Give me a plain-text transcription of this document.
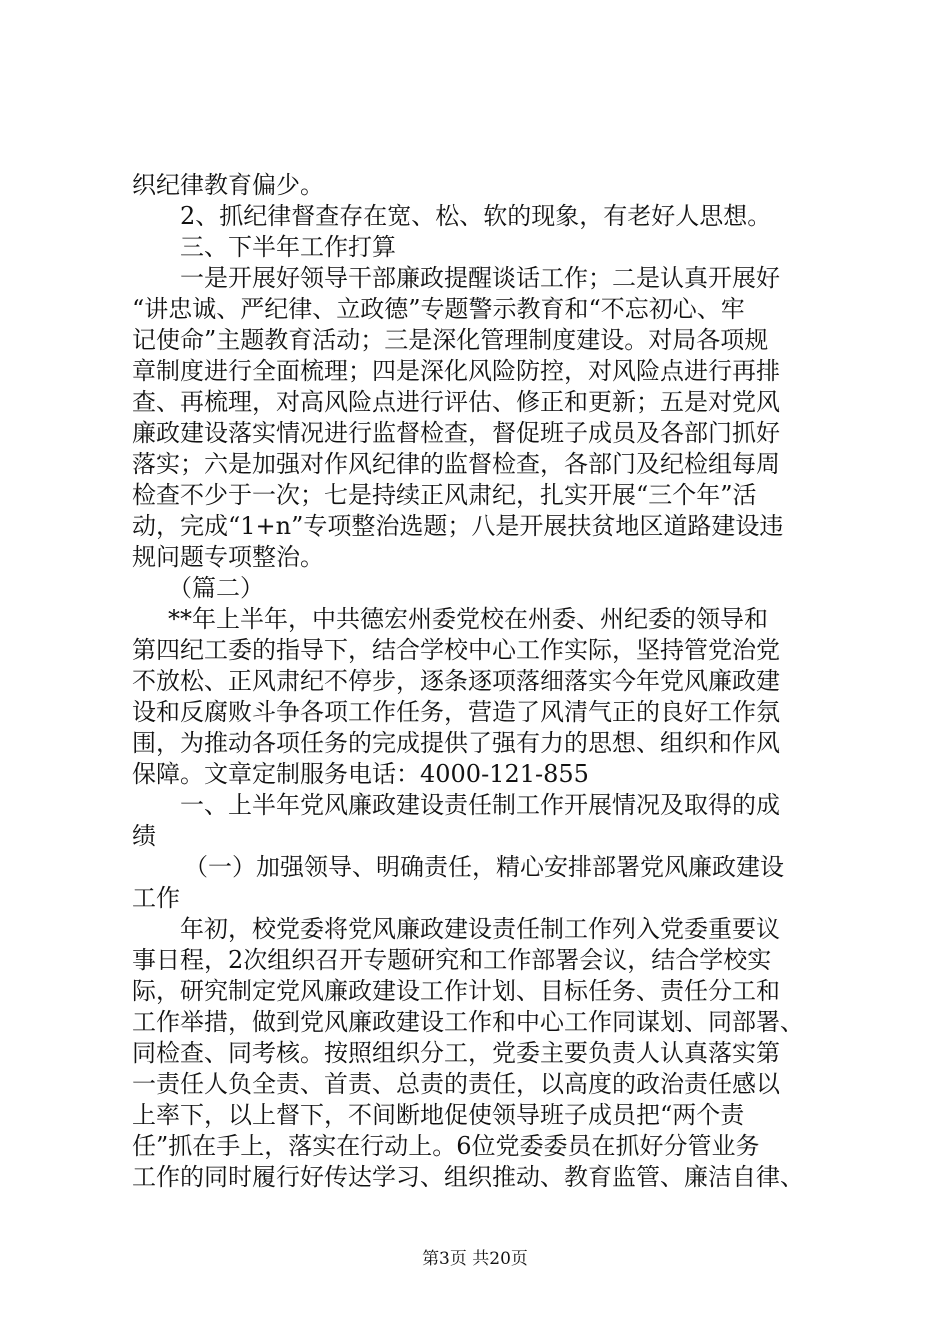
织纪律教育偏少。
2、抓纪律督查存在宽、松、软的现象，有老好人思想。
三、下半年工作打算
一是开展好领导干部廉政提醒谈话工作；二是认真开展好
“讲忠诚、严纪律、立政德”专题警示教育和“不忘初心、牢
记使命”主题教育活动；三是深化管理制度建设。对局各项规
章制度进行全面梳理；四是深化风险防控，对风险点进行再排
查、再梳理，对高风险点进行评估、修正和更新；五是对党风
廉政建设落实情况进行监督检查，督促班子成员及各部门抓好
落实；六是加强对作风纪律的监督检查，各部门及纪检组每周
检查不少于一次；七是持续正风肃纪，扎实开展“三个年”活
动，完成“1+n”专项整治选题；八是开展扶贫地区道路建设违
规问题专项整治。
（篇二）
**年上半年，中共德宏州委党校在州委、州纪委的领导和
第四纪工委的指导下，结合学校中心工作实际，坚持管党治党
不放松、正风肃纪不停步，逐条逐项落细落实今年党风廉政建
设和反腐败斗争各项工作任务，营造了风清气正的良好工作氛
围，为推动各项任务的完成提供了强有力的思想、组织和作风
保障。文章定制服务电话：4000-121-855
一、上半年党风廉政建设责任制工作开展情况及取得的成
绩
（一）加强领导、明确责任，精心安排部署党风廉政建设
工作
年初，校党委将党风廉政建设责任制工作列入党委重要议
事日程，2次组织召开专题研究和工作部署会议，结合学校实
际，研究制定党风廉政建设工作计划、目标任务、责任分工和
工作举措，做到党风廉政建设工作和中心工作同谋划、同部署、
同检查、同考核。按照组织分工，党委主要负责人认真落实第
一责任人负全责、首责、总责的责任，以高度的政治责任感以
上率下，以上督下，不间断地促使领导班子成员把“两个责
任”抓在手上，落实在行动上。6位党委委员在抓好分管业务
工作的同时履行好传达学习、组织推动、教育监管、廉洁自律、
第3页 共20页
